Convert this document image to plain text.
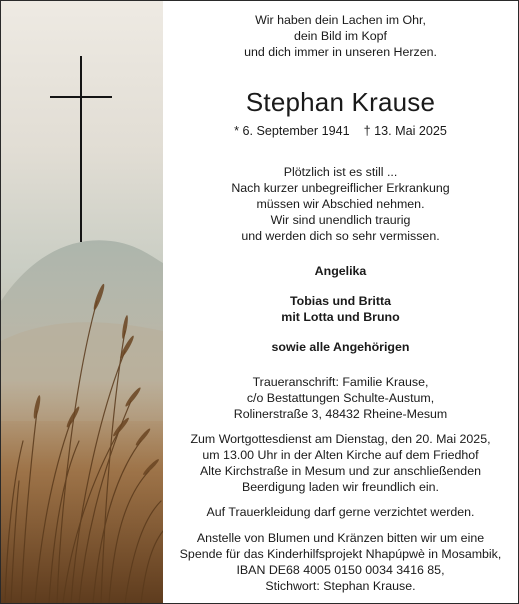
Wir haben dein Lachen im Ohr,
dein Bild im Kopf
und dich immer in unseren Herzen.
Stephan Krause
* 6. September 1941 † 13. Mai 2025
Plötzlich ist es still ...
Nach kurzer unbegreiflicher Erkrankung
müssen wir Abschied nehmen.
Wir sind unendlich traurig
und werden dich so sehr vermissen.
Angelika
Tobias und Britta
mit Lotta und Bruno
sowie alle Angehörigen
Traueranschrift: Familie Krause,
c/o Bestattungen Schulte-Austum,
Rolinerstraße 3, 48432 Rheine-Mesum
Zum Wortgottesdienst am Dienstag, den 20. Mai 2025,
um 13.00 Uhr in der Alten Kirche auf dem Friedhof
Alte Kirchstraße in Mesum und zur anschließenden
Beerdigung laden wir freundlich ein.
Auf Trauerkleidung darf gerne verzichtet werden.
Anstelle von Blumen und Kränzen bitten wir um eine
Spende für das Kinderhilfsprojekt Nhapúpwè in Mosambik,
IBAN DE68 4005 0150 0034 3416 85,
Stichwort: Stephan Krause.
